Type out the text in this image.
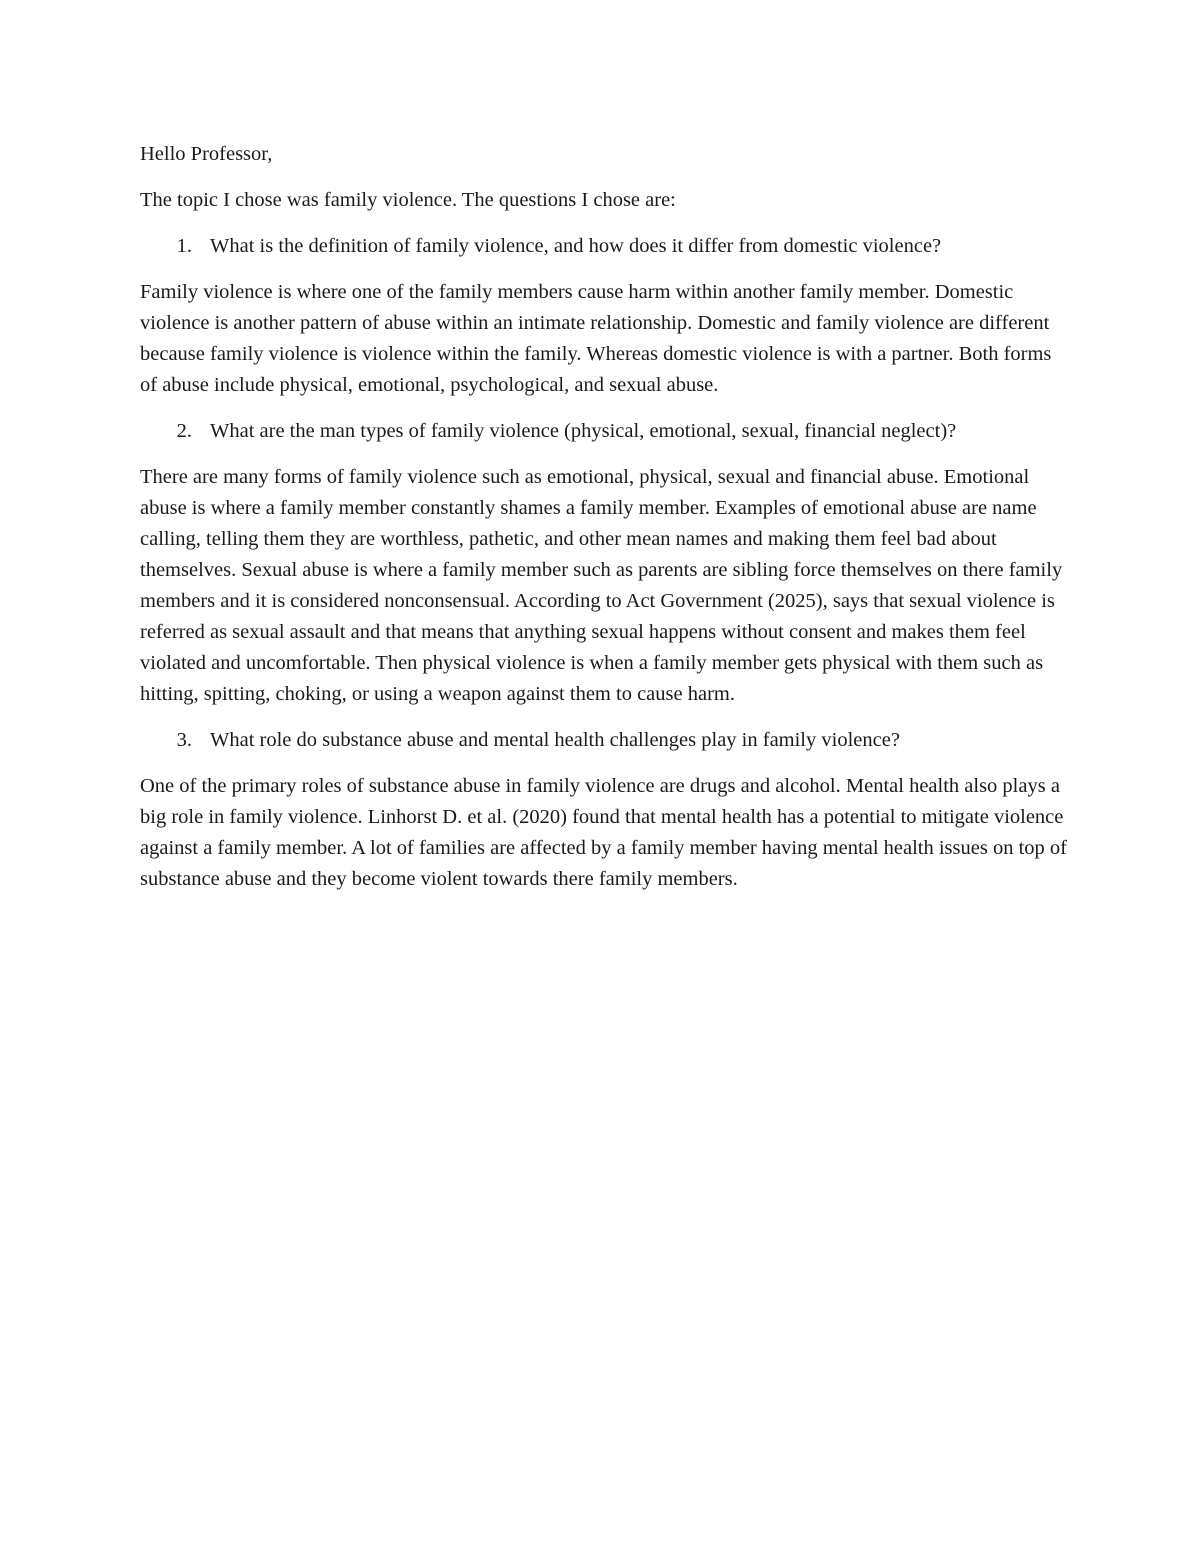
Hello Professor,

The topic I chose was family violence. The questions I chose are:

1. What is the definition of family violence, and how does it differ from domestic violence?

Family violence is where one of the family members cause harm within another family member. Domestic violence is another pattern of abuse within an intimate relationship. Domestic and family violence are different because family violence is violence within the family. Whereas domestic violence is with a partner. Both forms of abuse include physical, emotional, psychological, and sexual abuse.

2. What are the man types of family violence (physical, emotional, sexual, financial neglect)?

There are many forms of family violence such as emotional, physical, sexual and financial abuse. Emotional abuse is where a family member constantly shames a family member. Examples of emotional abuse are name calling, telling them they are worthless, pathetic, and other mean names and making them feel bad about themselves. Sexual abuse is where a family member such as parents are sibling force themselves on there family members and it is considered nonconsensual. According to Act Government (2025), says that sexual violence is referred as sexual assault and that means that anything sexual happens without consent and makes them feel violated and uncomfortable. Then physical violence is when a family member gets physical with them such as hitting, spitting, choking, or using a weapon against them to cause harm.

3. What role do substance abuse and mental health challenges play in family violence?

One of the primary roles of substance abuse in family violence are drugs and alcohol. Mental health also plays a big role in family violence. Linhorst D. et al. (2020) found that mental health has a potential to mitigate violence against a family member. A lot of families are affected by a family member having mental health issues on top of substance abuse and they become violent towards there family members.
